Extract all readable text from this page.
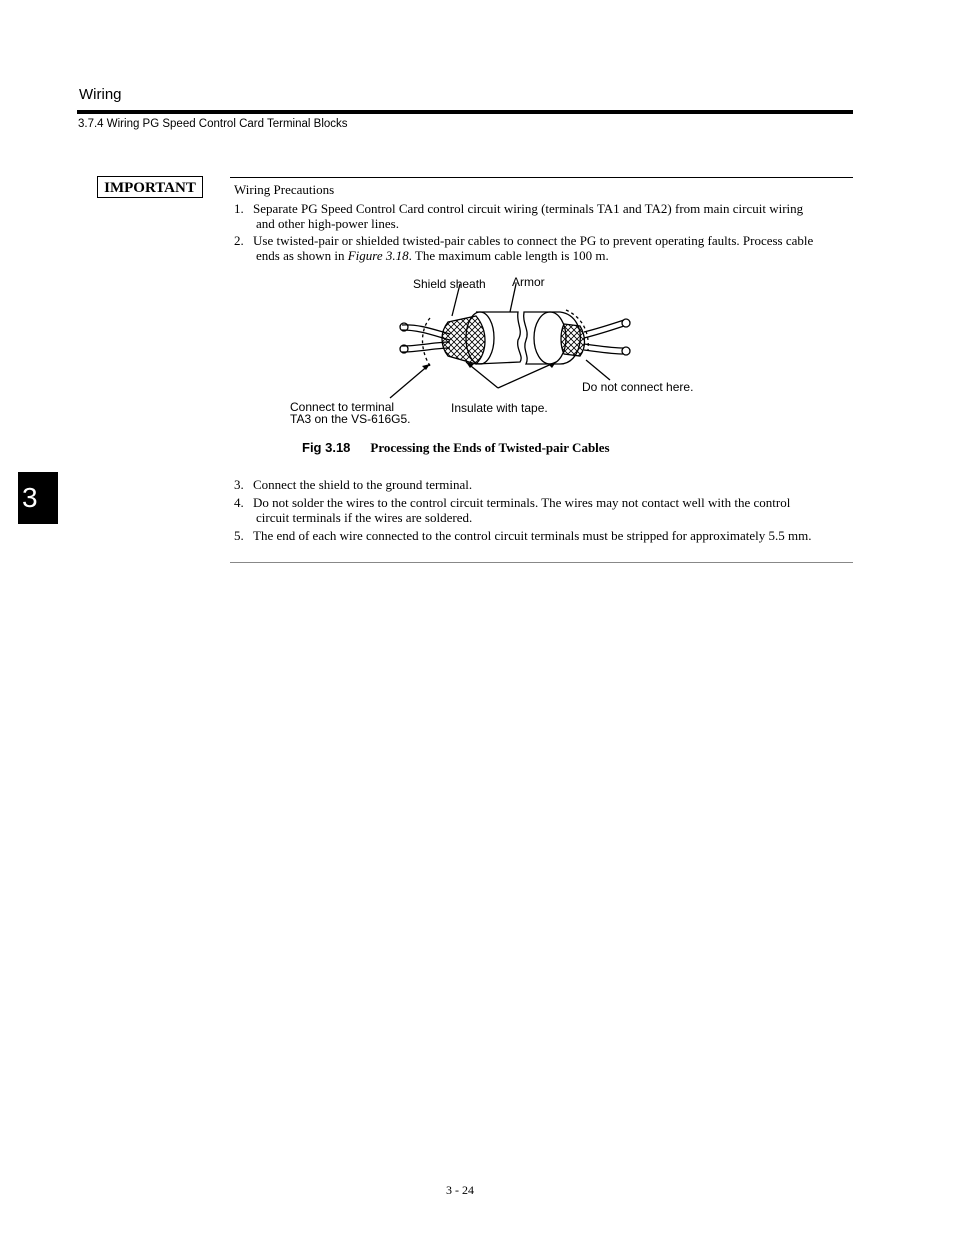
Wiring
3.7.4 Wiring PG Speed Control Card Terminal Blocks
IMPORTANT	Wiring Precautions
1. Separate PG Speed Control Card control circuit wiring (terminals TA1 and TA2) from main circuit wiring
and other high-power lines.
2. Use twisted-pair or shielded twisted-pair cables to connect the PG to prevent operating faults. Process cable
ends as shown in Figure 3.18. The maximum cable length is 100 m.
Shield sheath Armor
Do not connect here.
Connect to terminal
TA3 on the VS-616G5.
Insulate with tape.
Fig 3.18 Processing the Ends of Twisted-pair Cables
3	3. Connect the shield to the ground terminal.
4. Do not solder the wires to the control circuit terminals. The wires may not contact well with the control
circuit terminals if the wires are soldered.
5. The end of each wire connected to the control circuit terminals must be stripped for approximately 5.5 mm.
3 - 24
